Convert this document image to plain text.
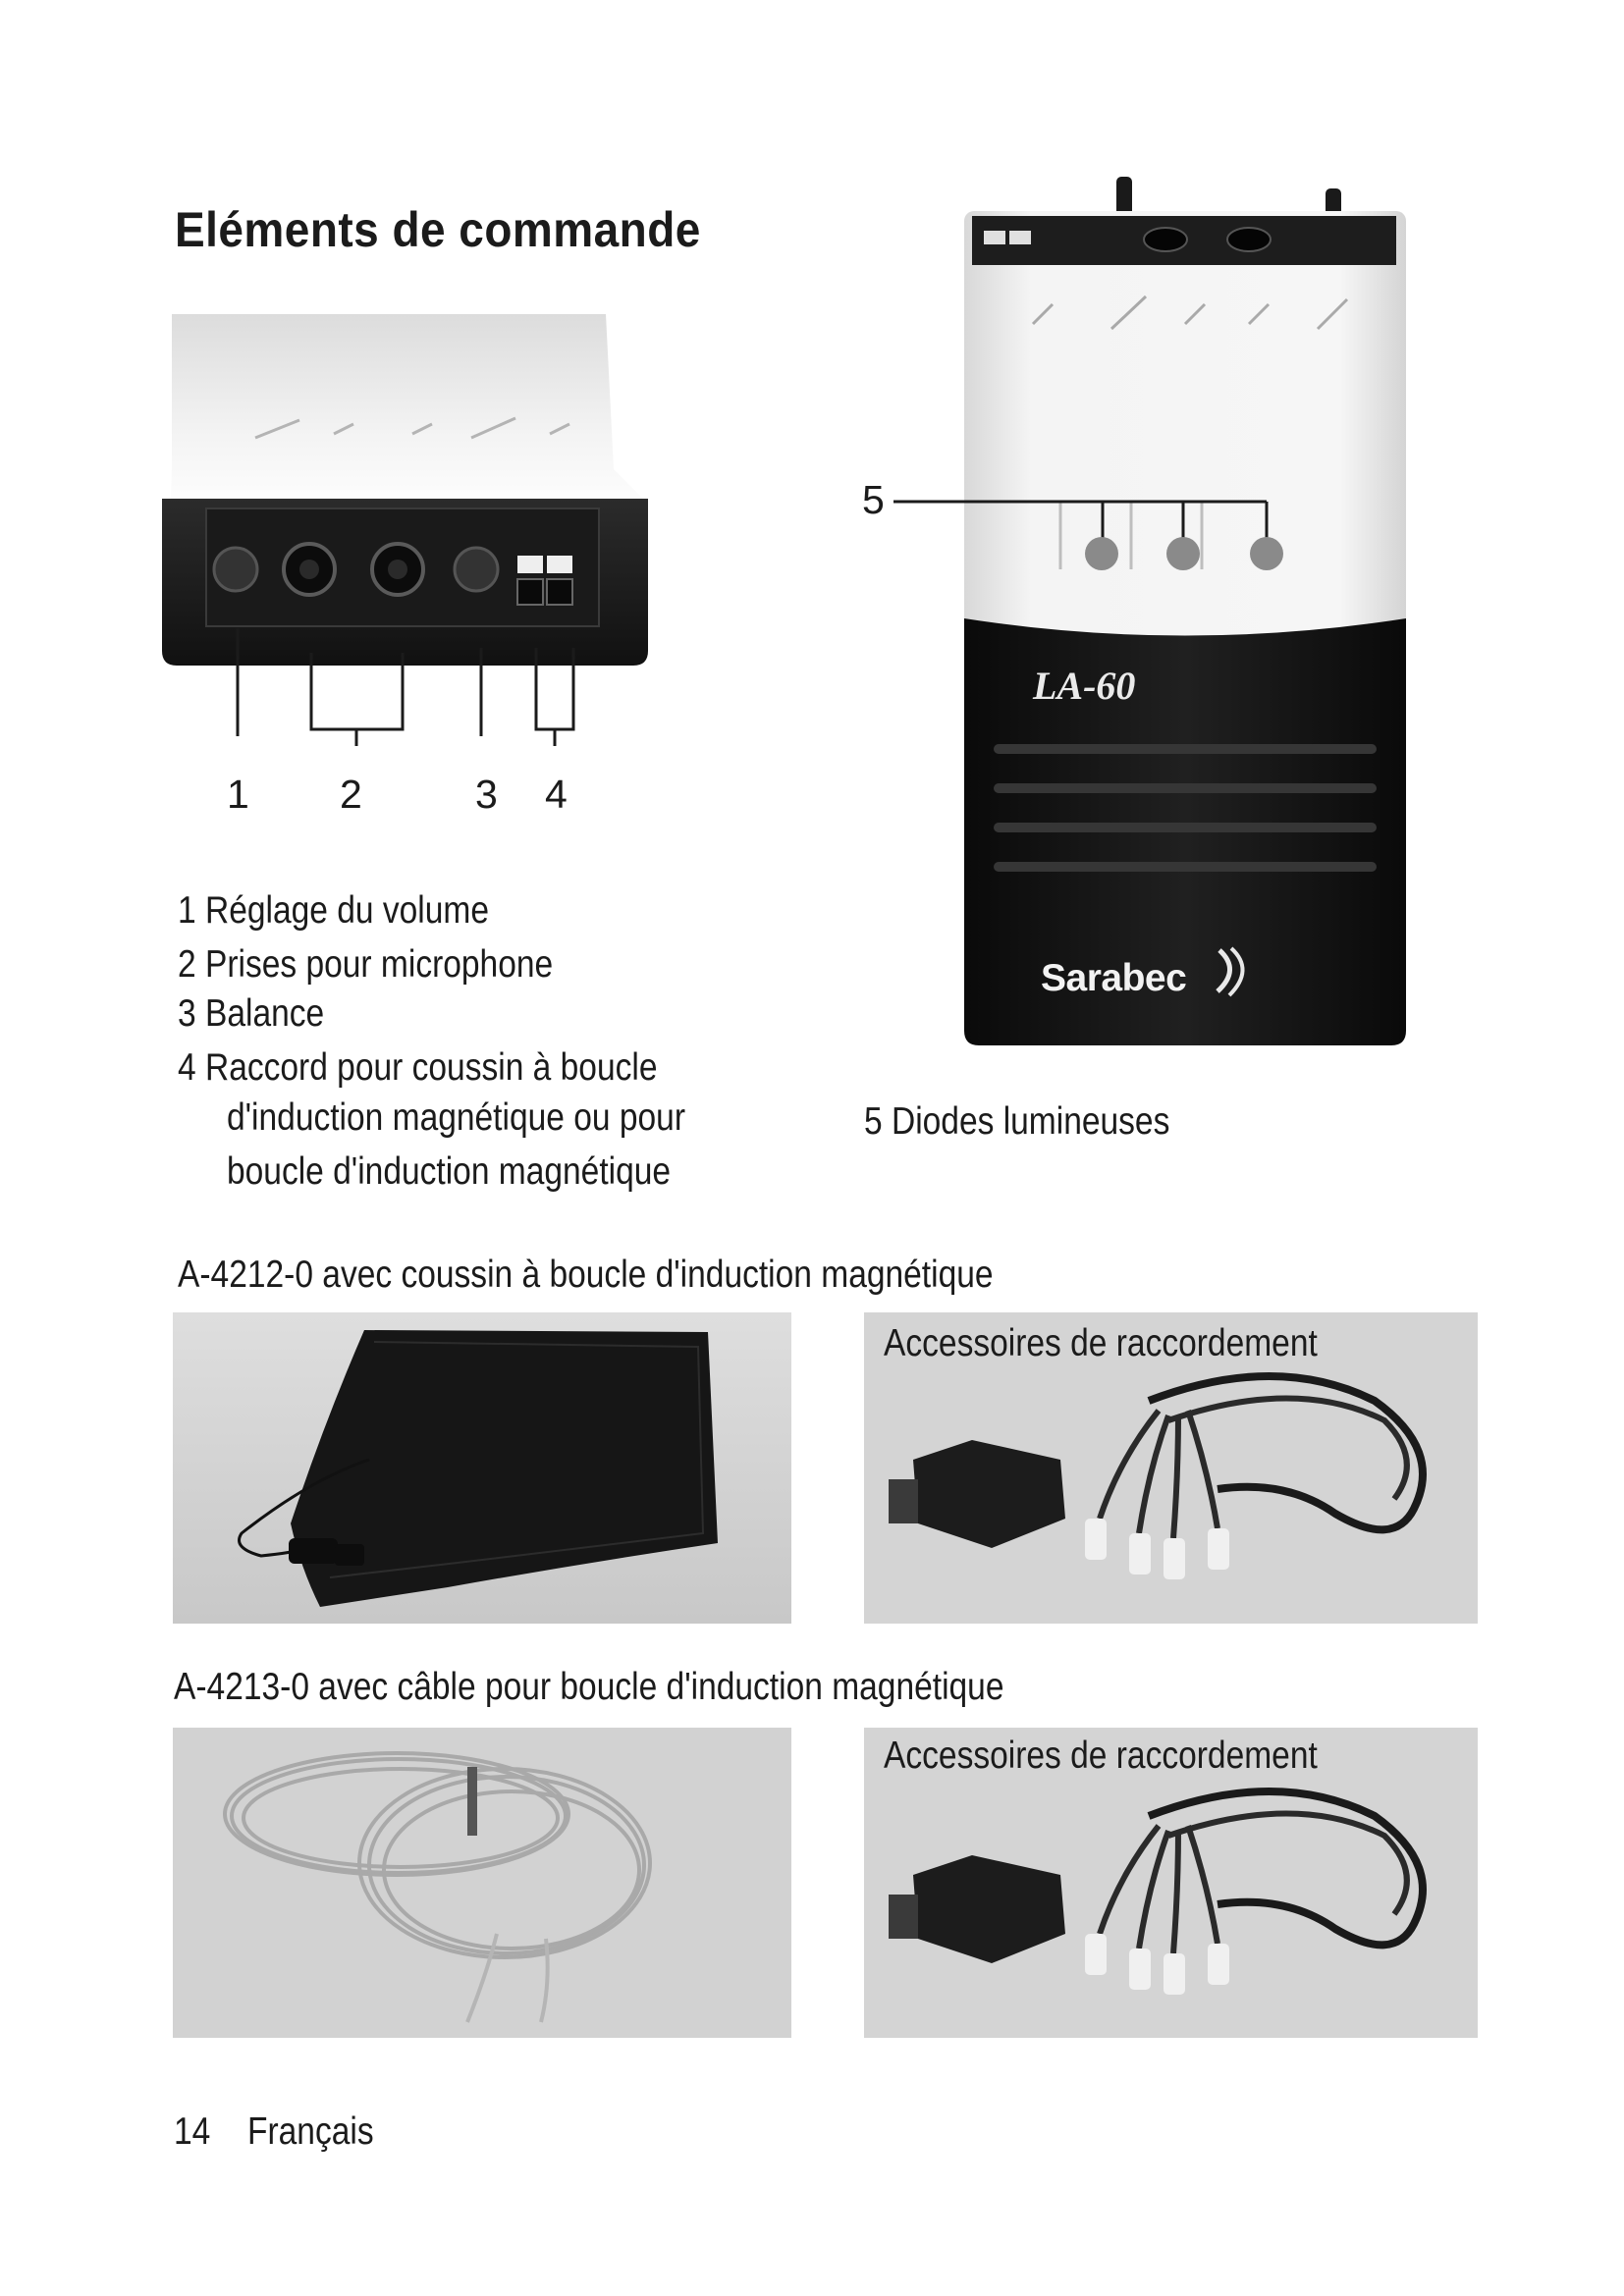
Eléments de commande
1 2	3 4
1 Réglage du volume
2 Prises pour microphone
3 Balance
4 Raccord pour coussin à boucle
d'induction magnétique ou pour
boucle d'induction magnétique
LA-60
Sarabec
5
5 Diodes lumineuses
A-4212-0 avec coussin à boucle d'induction magnétique
Accessoires de raccordement
A-4213-0 avec câble pour boucle d'induction magnétique
Accessoires de raccordement
14 Français
